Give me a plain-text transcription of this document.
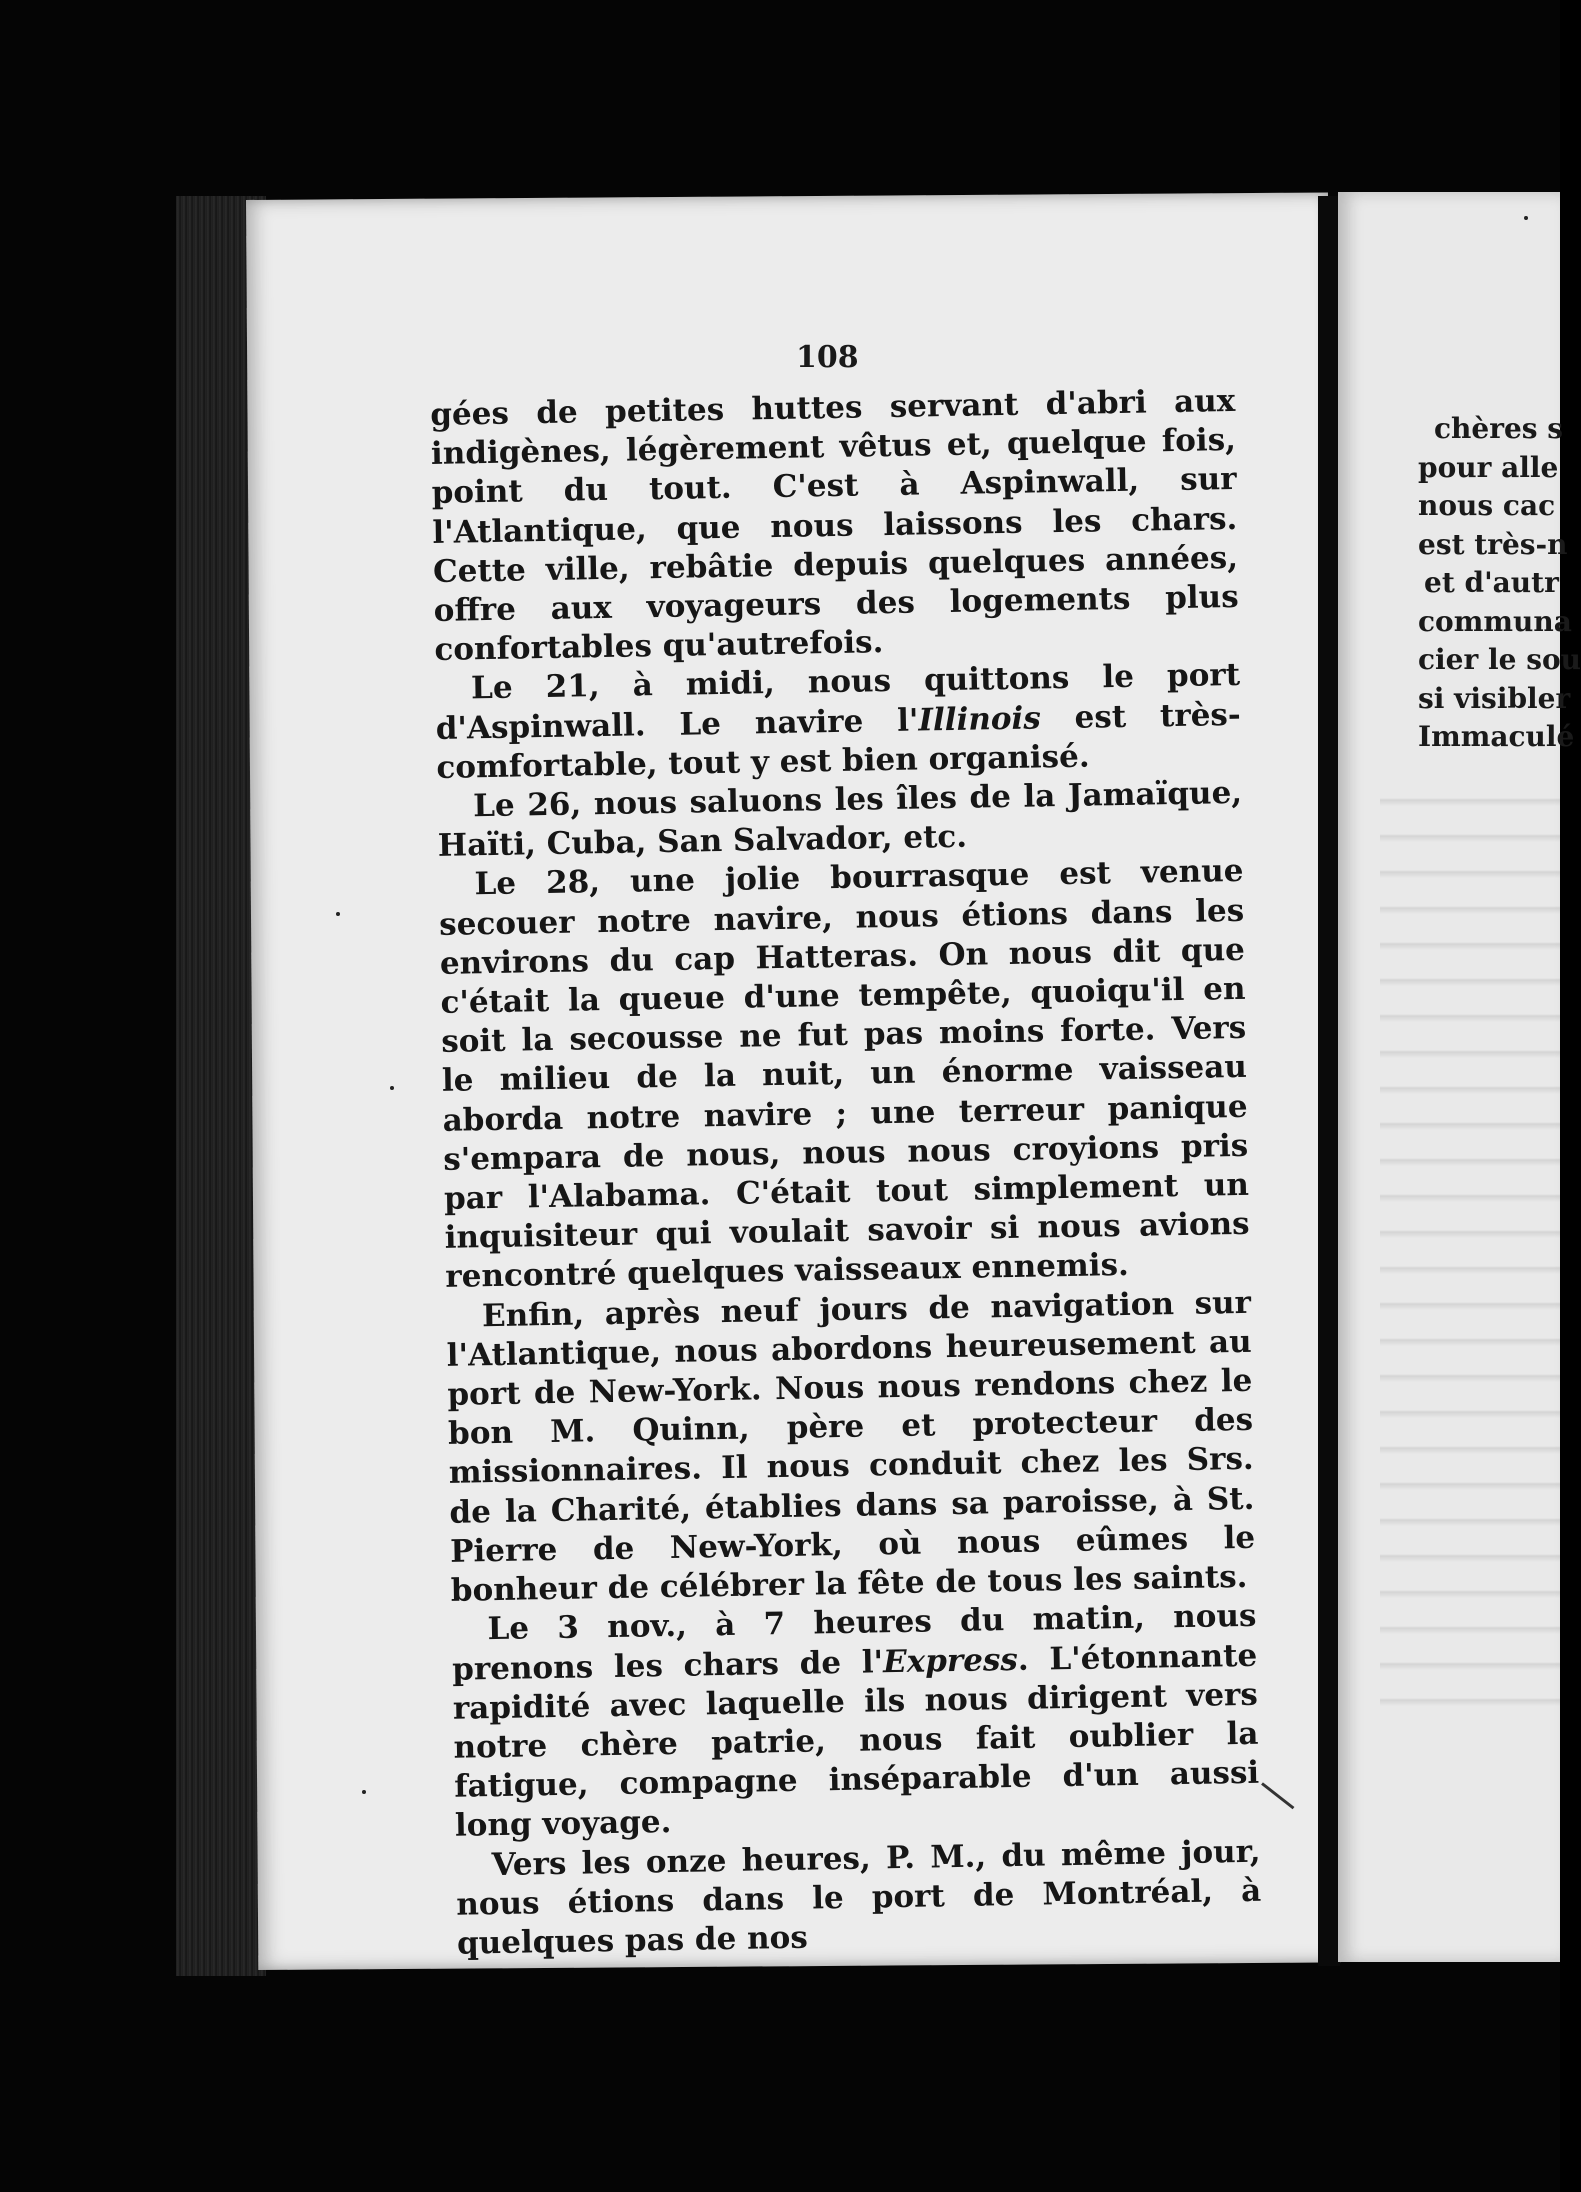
108

gées de petites huttes servant d'abri aux indigènes, légèrement vêtus et, quelque fois, point du tout. C'est à Aspinwall, sur l'Atlantique, que nous laissons les chars. Cette ville, rebâtie depuis quelques années, offre aux voyageurs des logements plus confortables qu'autrefois.

Le 21, à midi, nous quittons le port d'Aspinwall. Le navire l'Illinois est très-comfortable, tout y est bien organisé.

Le 26, nous saluons les îles de la Jamaïque, Haïti, Cuba, San Salvador, etc.

Le 28, une jolie bourrasque est venue secouer notre navire, nous étions dans les environs du cap Hatteras. On nous dit que c'était la queue d'une tempête, quoiqu'il en soit la secousse ne fut pas moins forte. Vers le milieu de la nuit, un énorme vaisseau aborda notre navire ; une terreur panique s'empara de nous, nous nous croyions pris par l'Alabama. C'était tout simplement un inquisiteur qui voulait savoir si nous avions rencontré quelques vaisseaux ennemis.

Enfin, après neuf jours de navigation sur l'Atlantique, nous abordons heureusement au port de New-York. Nous nous rendons chez le bon M. Quinn, père et protecteur des missionnaires. Il nous conduit chez les Srs. de la Charité, établies dans sa paroisse, à St. Pierre de New-York, où nous eûmes le bonheur de célébrer la fête de tous les saints.

Le 3 nov., à 7 heures du matin, nous prenons les chars de l'Express. L'étonnante rapidité avec laquelle ils nous dirigent vers notre chère patrie, nous fait oublier la fatigue, compagne inséparable d'un aussi long voyage.

Vers les onze heures, P. M., du même jour, nous étions dans le port de Montréal, à quelques pas de nos

chères s
pour alle
nous cac
est très-n
et d'autr
communa
cier le sou
si visibler
Immaculé
